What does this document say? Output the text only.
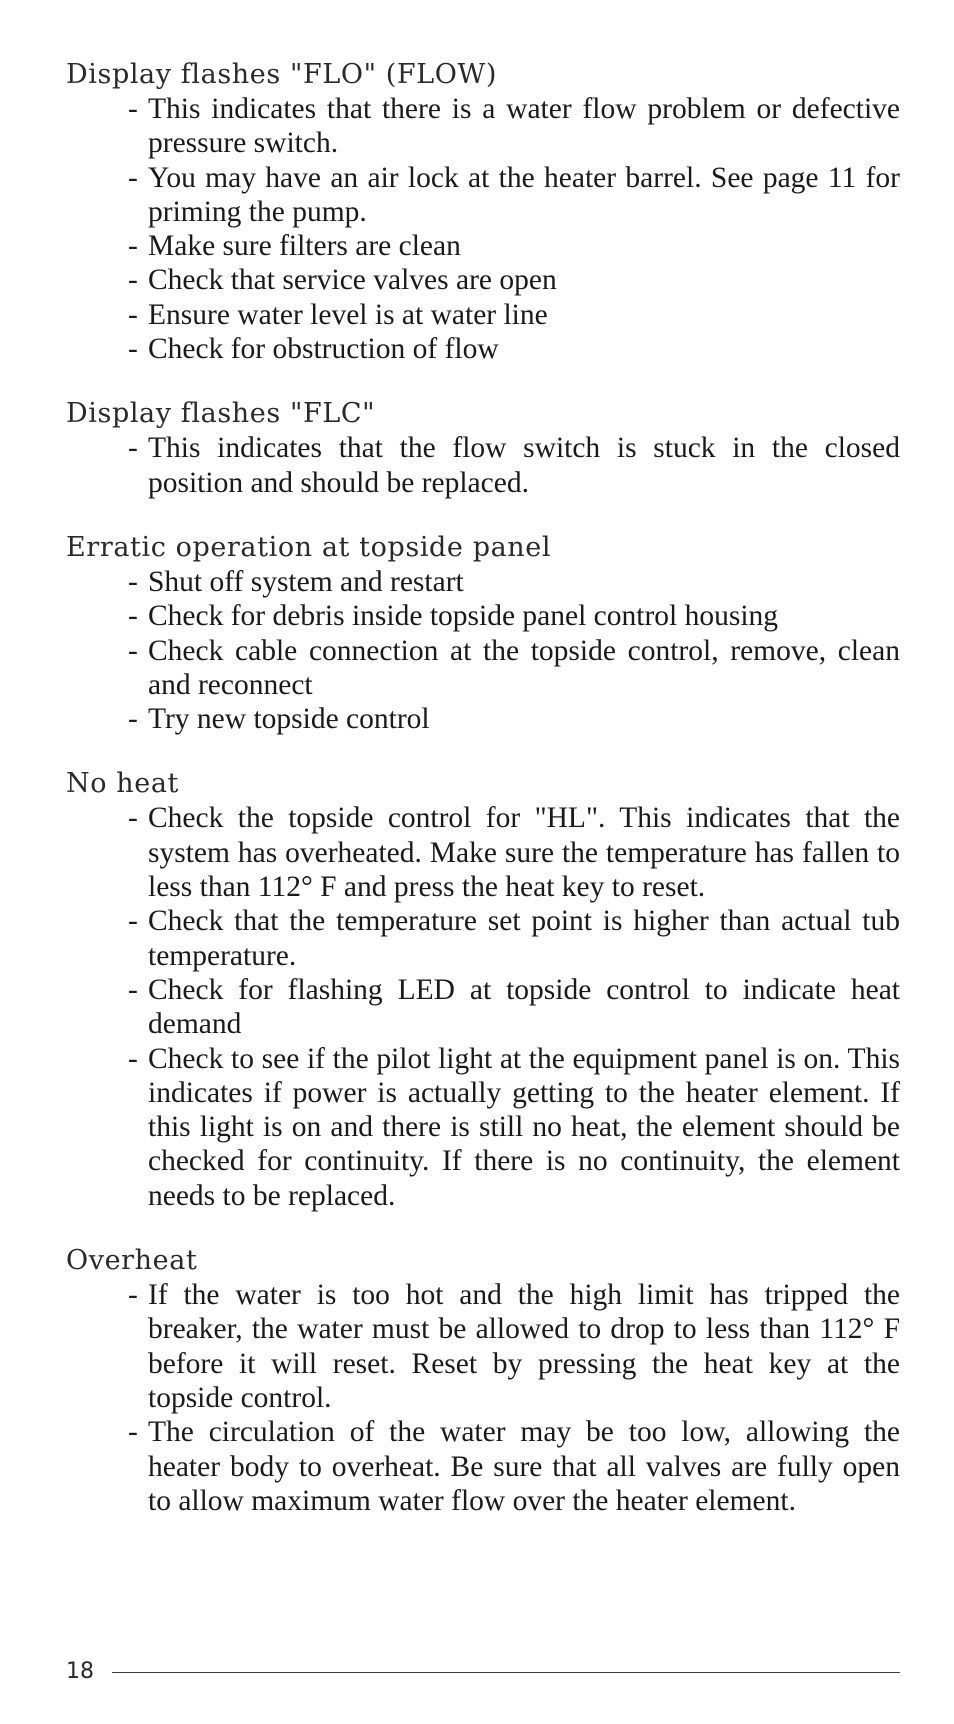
Display flashes "FLO" (FLOW)
- This indicates that there is a water flow problem or defective pressure switch.
- You may have an air lock at the heater barrel. See page 11 for priming the pump.
- Make sure filters are clean
- Check that service valves are open
- Ensure water level is at water line
- Check for obstruction of flow
Display flashes "FLC"
- This indicates that the flow switch is stuck in the closed position and should be replaced.
Erratic operation at topside panel
- Shut off system and restart
- Check for debris inside topside panel control housing
- Check cable connection at the topside control, remove, clean and reconnect
- Try new topside control
No heat
- Check the topside control for "HL". This indicates that the system has overheated. Make sure the temperature has fallen to less than 112° F and press the heat key to reset.
- Check that the temperature set point is higher than actual tub temperature.
- Check for flashing LED at topside control to indicate heat demand
- Check to see if the pilot light at the equipment panel is on. This indicates if power is actually getting to the heater element. If this light is on and there is still no heat, the element should be checked for continuity. If there is no continuity, the element needs to be replaced.
Overheat
- If the water is too hot and the high limit has tripped the breaker, the water must be allowed to drop to less than 112° F before it will reset. Reset by pressing the heat key at the topside control.
- The circulation of the water may be too low, allowing the heater body to overheat. Be sure that all valves are fully open to allow maximum water flow over the heater element.
18
